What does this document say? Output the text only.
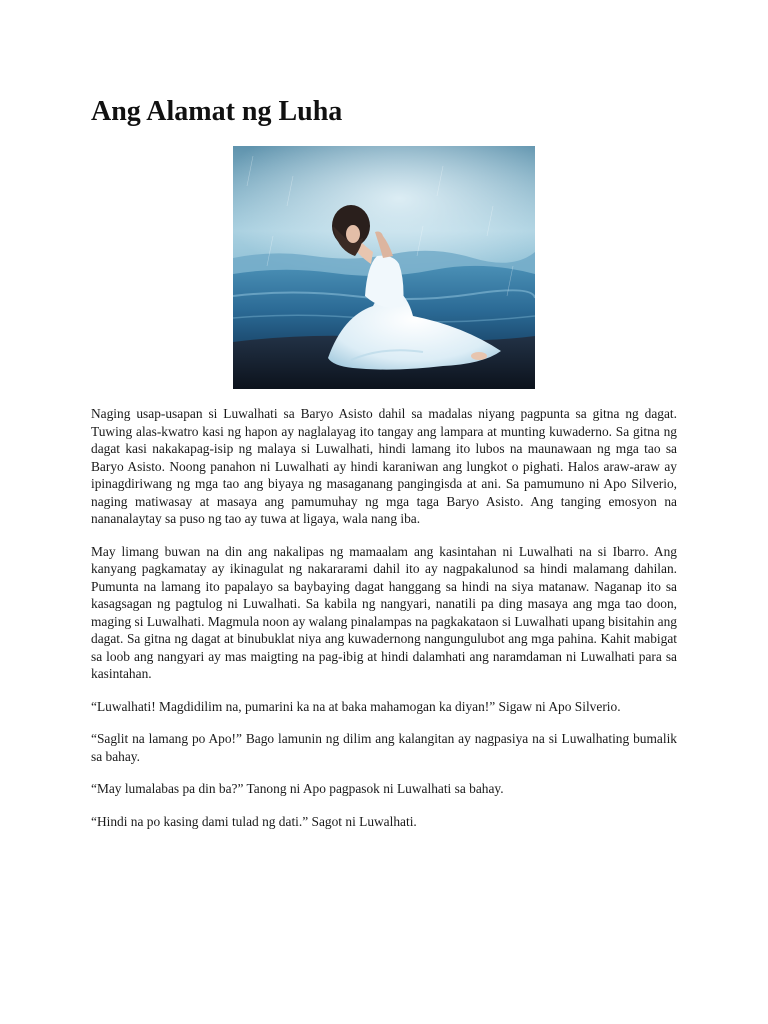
Ang Alamat ng Luha

Naging usap-usapan si Luwalhati sa Baryo Asisto dahil sa madalas niyang pagpunta sa gitna ng dagat. Tuwing alas-kwatro kasi ng hapon ay naglalayag ito tangay ang lampara at munting kuwaderno. Sa gitna ng dagat kasi nakakapag-isip ng malaya si Luwalhati, hindi lamang ito lubos na maunawaan ng mga tao sa Baryo Asisto. Noong panahon ni Luwalhati ay hindi karaniwan ang lungkot o pighati. Halos araw-araw ay ipinagdiriwang ng mga tao ang biyaya ng masaganang pangingisda at ani. Sa pamumuno ni Apo Silverio, naging matiwasay at masaya ang pamumuhay ng mga taga Baryo Asisto. Ang tanging emosyon na nananalaytay sa puso ng tao ay tuwa at ligaya, wala nang iba.

May limang buwan na din ang nakalipas ng mamaalam ang kasintahan ni Luwalhati na si Ibarro. Ang kanyang pagkamatay ay ikinagulat ng nakararami dahil ito ay nagpakalunod sa hindi malamang dahilan. Pumunta na lamang ito papalayo sa baybaying dagat hanggang sa hindi na siya matanaw. Naganap ito sa kasagsagan ng pagtulog ni Luwalhati. Sa kabila ng nangyari, nanatili pa ding masaya ang mga tao doon, maging si Luwalhati. Magmula noon ay walang pinalampas na pagkakataon si Luwalhati upang bisitahin ang dagat. Sa gitna ng dagat at binubuklat niya ang kuwadernong nangungulubot ang mga pahina. Kahit mabigat sa loob ang nangyari ay mas maigting na pag-ibig at hindi dalamhati ang naramdaman ni Luwalhati para sa kasintahan.

“Luwalhati! Magdidilim na, pumarini ka na at baka mahamogan ka diyan!” Sigaw ni Apo Silverio.

“Saglit na lamang po Apo!” Bago lamunin ng dilim ang kalangitan ay nagpasiya na si Luwalhating bumalik sa bahay.

“May lumalabas pa din ba?” Tanong ni Apo pagpasok ni Luwalhati sa bahay.

“Hindi na po kasing dami tulad ng dati.” Sagot ni Luwalhati.
